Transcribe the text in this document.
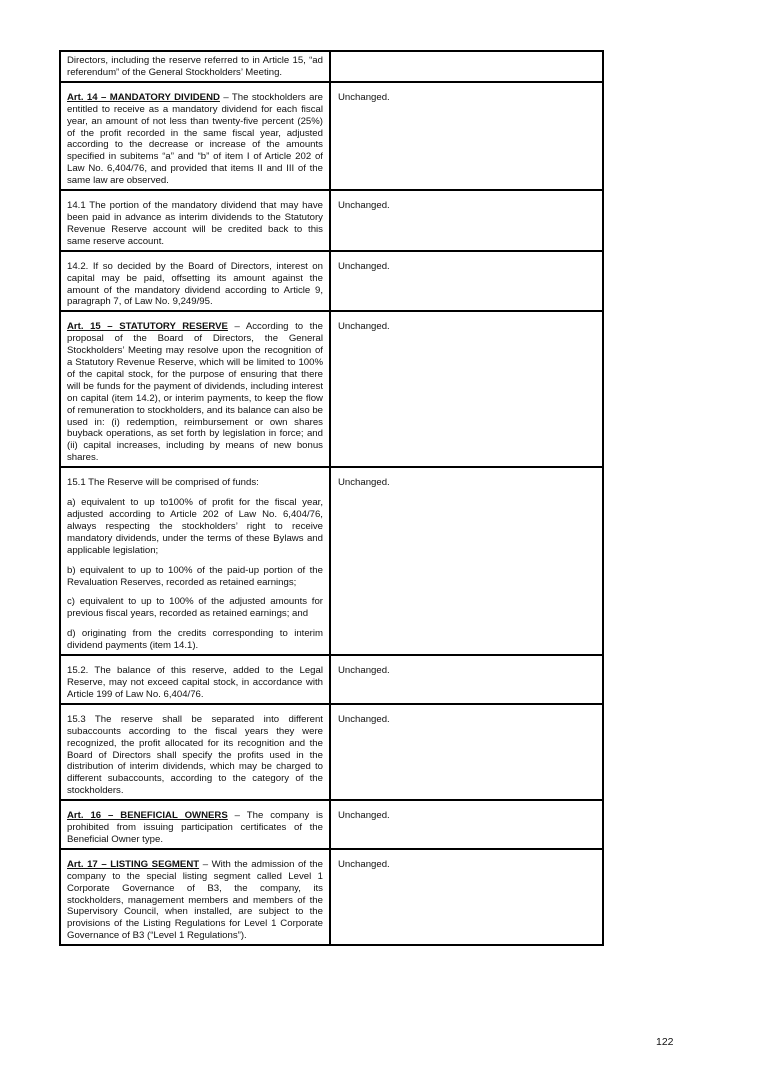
Directors, including the reserve referred to in Article 15, “ad referendum” of the General Stockholders’ Meeting.	

Art. 14 – MANDATORY DIVIDEND – The stockholders are entitled to receive as a mandatory dividend for each fiscal year, an amount of not less than twenty-five percent (25%) of the profit recorded in the same fiscal year, adjusted according to the decrease or increase of the amounts specified in subitems “a” and “b” of item I of Article 202 of Law No. 6,404/76, and provided that items II and III of the same law are observed.	Unchanged.

14.1 The portion of the mandatory dividend that may have been paid in advance as interim dividends to the Statutory Revenue Reserve account will be credited back to this same reserve account.	Unchanged.

14.2. If so decided by the Board of Directors, interest on capital may be paid, offsetting its amount against the amount of the mandatory dividend according to Article 9, paragraph 7, of Law No. 9,249/95.	Unchanged.

Art. 15 – STATUTORY RESERVE – According to the proposal of the Board of Directors, the General Stockholders’ Meeting may resolve upon the recognition of a Statutory Revenue Reserve, which will be limited to 100% of the capital stock, for the purpose of ensuring that there will be funds for the payment of dividends, including interest on capital (item 14.2), or interim payments, to keep the flow of remuneration to stockholders, and its balance can also be used in: (i) redemption, reimbursement or own shares buyback operations, as set forth by legislation in force; and (ii) capital increases, including by means of new bonus shares.	Unchanged.

15.1 The Reserve will be comprised of funds:

a) equivalent to up to100% of profit for the fiscal year, adjusted according to Article 202 of Law No. 6,404/76, always respecting the stockholders’ right to receive mandatory dividends, under the terms of these Bylaws and applicable legislation;

b) equivalent to up to 100% of the paid-up portion of the Revaluation Reserves, recorded as retained earnings;

c) equivalent to up to 100% of the adjusted amounts for previous fiscal years, recorded as retained earnings; and

d) originating from the credits corresponding to interim dividend payments (item 14.1).	Unchanged.

15.2. The balance of this reserve, added to the Legal Reserve, may not exceed capital stock, in accordance with Article 199 of Law No. 6,404/76.	Unchanged.

15.3 The reserve shall be separated into different subaccounts according to the fiscal years they were recognized, the profit allocated for its recognition and the Board of Directors shall specify the profits used in the distribution of interim dividends, which may be charged to different subaccounts, according to the category of the stockholders.	Unchanged.

Art. 16 – BENEFICIAL OWNERS – The company is prohibited from issuing participation certificates of the Beneficial Owner type.	Unchanged.

Art. 17 – LISTING SEGMENT – With the admission of the company to the special listing segment called Level 1 Corporate Governance of B3, the company, its stockholders, management members and members of the Supervisory Council, when installed, are subject to the provisions of the Listing Regulations for Level 1 Corporate Governance of B3 (“Level 1 Regulations”).	Unchanged.
122
